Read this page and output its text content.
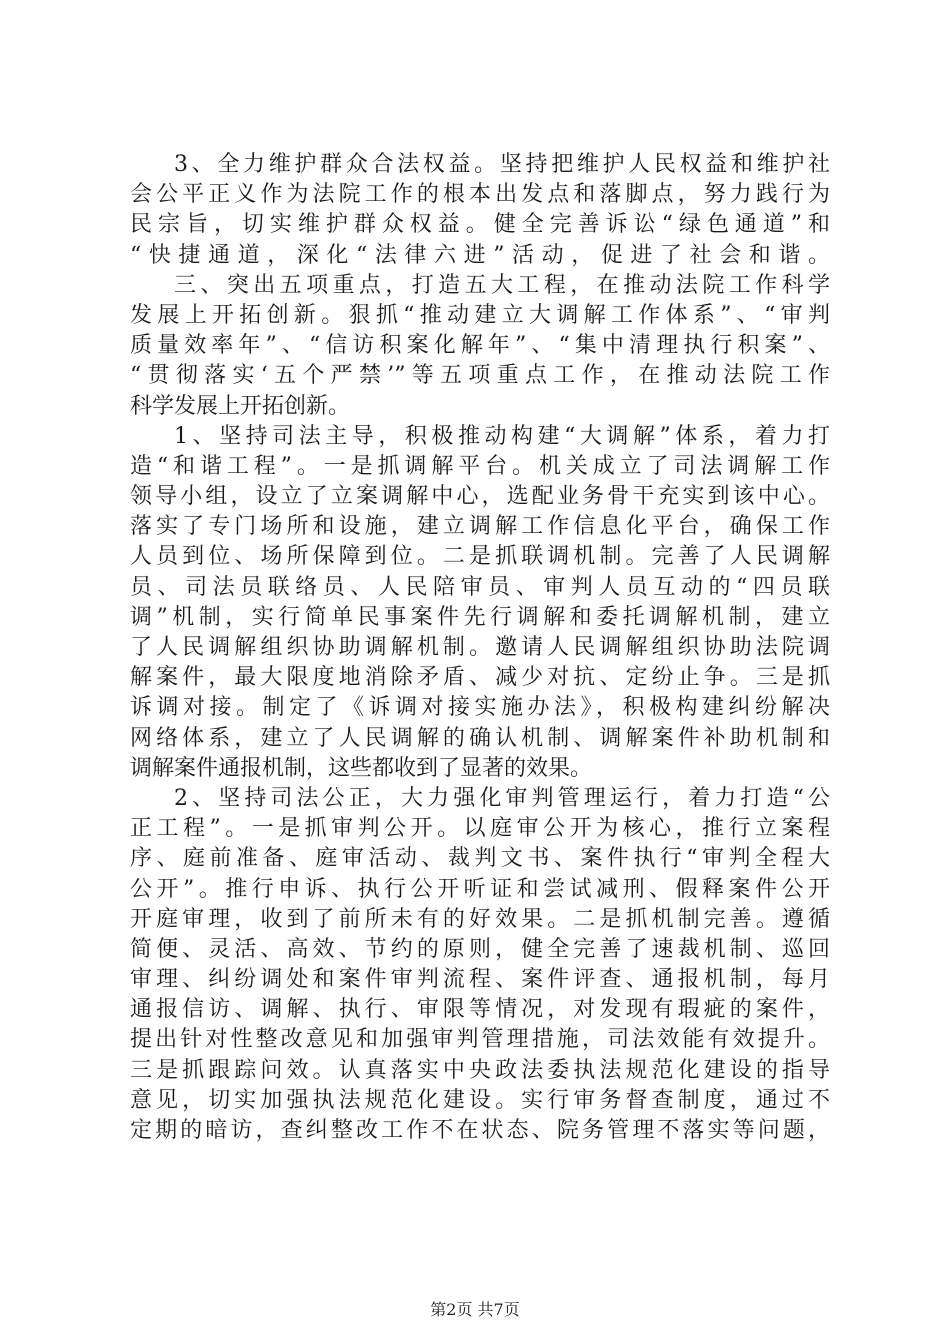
3、全力维护群众合法权益。坚持把维护人民权益和维护社
会公平正义作为法院工作的根本出发点和落脚点，努力践行为
民宗旨，切实维护群众权益。健全完善诉讼“绿色通道”和
“快捷通道，深化“法律六进”活动，促进了社会和谐。
三、突出五项重点，打造五大工程，在推动法院工作科学
发展上开拓创新。狠抓“推动建立大调解工作体系”、“审判
质量效率年”、“信访积案化解年”、“集中清理执行积案”、
“贯彻落实‘五个严禁’”等五项重点工作，在推动法院工作
科学发展上开拓创新。
1、坚持司法主导，积极推动构建“大调解”体系，着力打
造“和谐工程”。一是抓调解平台。机关成立了司法调解工作
领导小组，设立了立案调解中心，选配业务骨干充实到该中心。
落实了专门场所和设施，建立调解工作信息化平台，确保工作
人员到位、场所保障到位。二是抓联调机制。完善了人民调解
员、司法员联络员、人民陪审员、审判人员互动的“四员联
调”机制，实行简单民事案件先行调解和委托调解机制，建立
了人民调解组织协助调解机制。邀请人民调解组织协助法院调
解案件，最大限度地消除矛盾、减少对抗、定纷止争。三是抓
诉调对接。制定了《诉调对接实施办法》，积极构建纠纷解决
网络体系，建立了人民调解的确认机制、调解案件补助机制和
调解案件通报机制，这些都收到了显著的效果。
2、坚持司法公正，大力强化审判管理运行，着力打造“公
正工程”。一是抓审判公开。以庭审公开为核心，推行立案程
序、庭前准备、庭审活动、裁判文书、案件执行“审判全程大
公开”。推行申诉、执行公开听证和尝试减刑、假释案件公开
开庭审理，收到了前所未有的好效果。二是抓机制完善。遵循
简便、灵活、高效、节约的原则，健全完善了速裁机制、巡回
审理、纠纷调处和案件审判流程、案件评查、通报机制，每月
通报信访、调解、执行、审限等情况，对发现有瑕疵的案件，
提出针对性整改意见和加强审判管理措施，司法效能有效提升。
三是抓跟踪问效。认真落实中央政法委执法规范化建设的指导
意见，切实加强执法规范化建设。实行审务督查制度，通过不
定期的暗访，查纠整改工作不在状态、院务管理不落实等问题，
第2页 共7页
